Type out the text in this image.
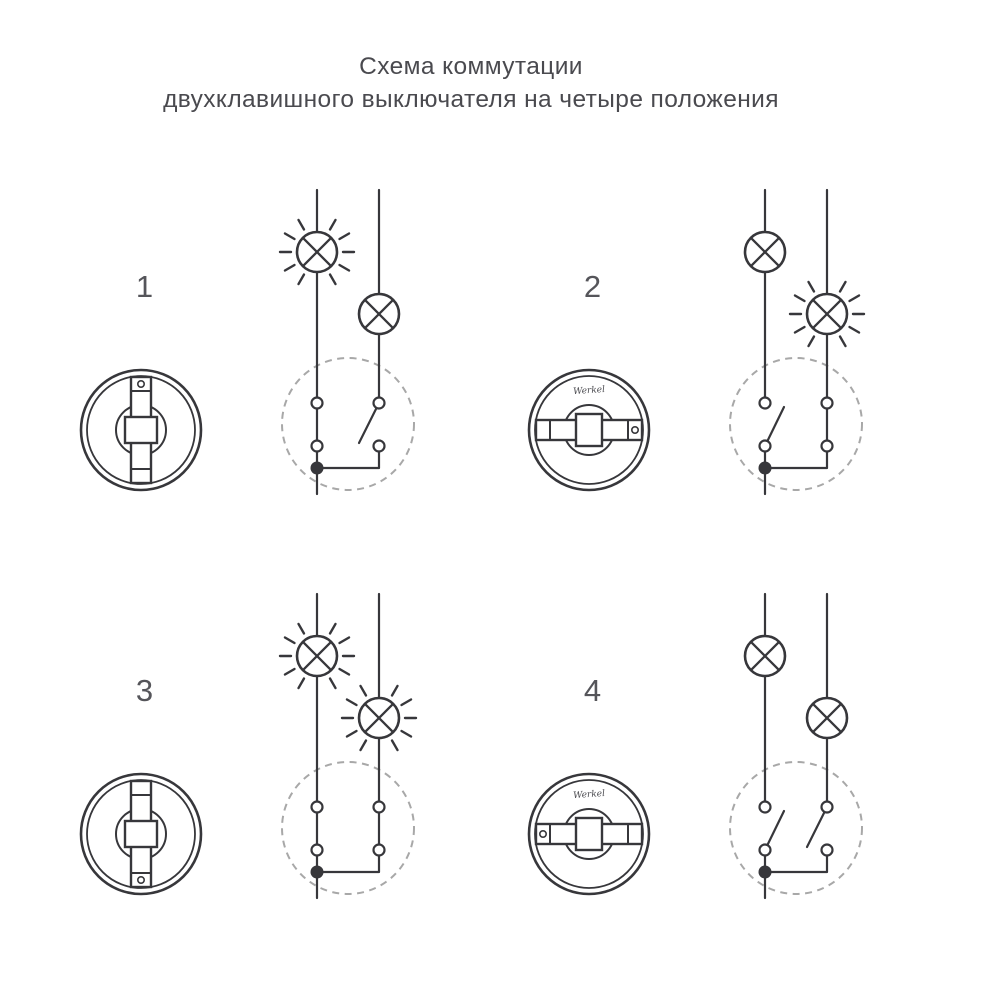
Схема коммутации
двухклавишного выключателя на четыре положения
1	2
3	4
Werkel
Werkel
